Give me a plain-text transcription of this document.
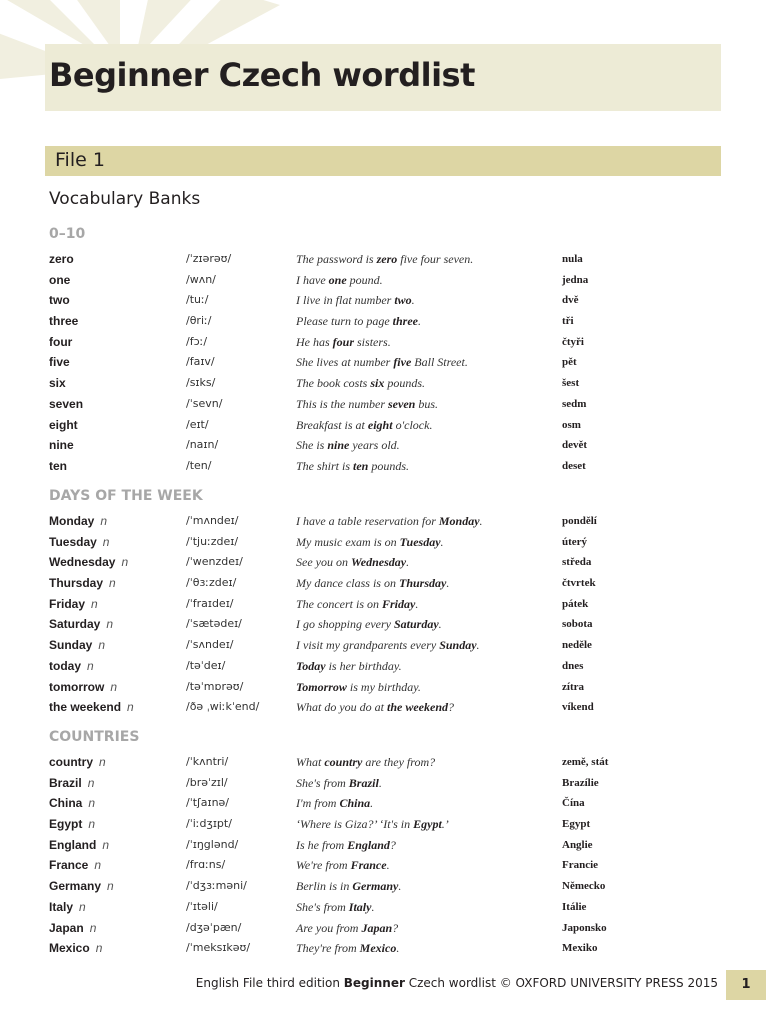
Beginner Czech wordlist
File 1
Vocabulary Banks
0–10
zero	/ˈzɪərəʊ/	The password is zero five four seven.	nula
one	/wʌn/	I have one pound.	jedna
two	/tuː/	I live in flat number two.	dvě
three	/θriː/	Please turn to page three.	tři
four	/fɔː/	He has four sisters.	čtyři
five	/faɪv/	She lives at number five Ball Street.	pět
six	/sɪks/	The book costs six pounds.	šest
seven	/ˈsevn/	This is the number seven bus.	sedm
eight	/eɪt/	Breakfast is at eight o'clock.	osm
nine	/naɪn/	She is nine years old.	devět
ten	/ten/	The shirt is ten pounds.	deset
DAYS OF THE WEEK
Monday n	/ˈmʌndeɪ/	I have a table reservation for Monday.	pondělí
Tuesday n	/ˈtjuːzdeɪ/	My music exam is on Tuesday.	úterý
Wednesday n	/ˈwenzdeɪ/	See you on Wednesday.	středa
Thursday n	/ˈθɜːzdeɪ/	My dance class is on Thursday.	čtvrtek
Friday n	/ˈfraɪdeɪ/	The concert is on Friday.	pátek
Saturday n	/ˈsætədeɪ/	I go shopping every Saturday.	sobota
Sunday n	/ˈsʌndeɪ/	I visit my grandparents every Sunday.	neděle
today n	/təˈdeɪ/	Today is her birthday.	dnes
tomorrow n	/təˈmɒrəʊ/	Tomorrow is my birthday.	zítra
the weekend n	/ðə ˌwiːkˈend/	What do you do at the weekend?	víkend
COUNTRIES
country n	/ˈkʌntri/	What country are they from?	země, stát
Brazil n	/brəˈzɪl/	She's from Brazil.	Brazílie
China n	/ˈtʃaɪnə/	I'm from China.	Čína
Egypt n	/ˈiːdʒɪpt/	‘Where is Giza?’ ‘It's in Egypt.’	Egypt
England n	/ˈɪŋglənd/	Is he from England?	Anglie
France n	/frɑːns/	We're from France.	Francie
Germany n	/ˈdʒɜːməni/	Berlin is in Germany.	Německo
Italy n	/ˈɪtəli/	She's from Italy.	Itálie
Japan n	/dʒəˈpæn/	Are you from Japan?	Japonsko
Mexico n	/ˈmeksɪkəʊ/	They're from Mexico.	Mexiko
English File third edition Beginner Czech wordlist © OXFORD UNIVERSITY PRESS 2015	1
